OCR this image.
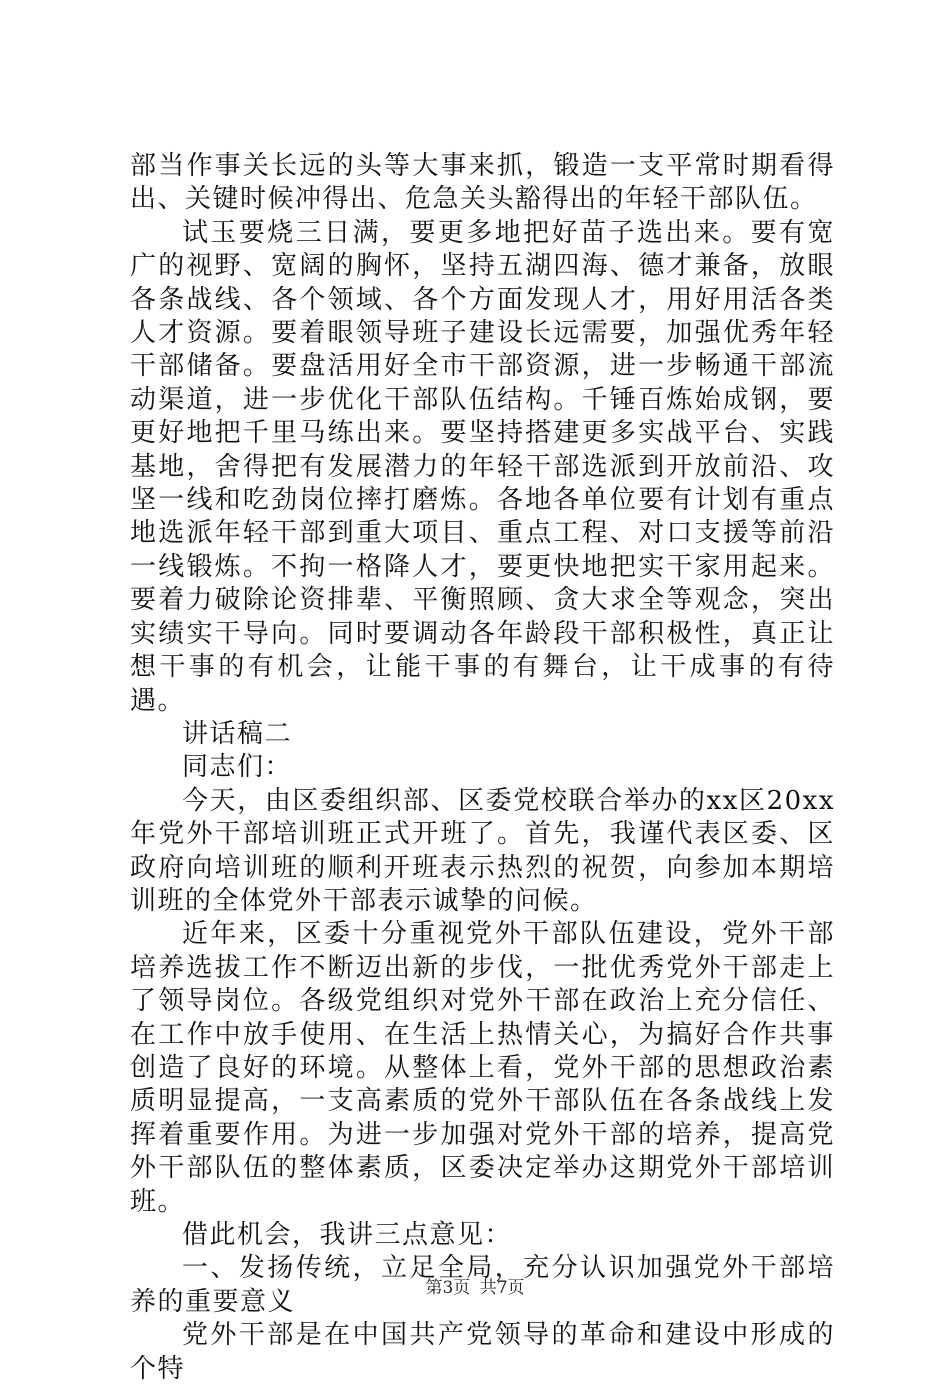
部当作事关长远的头等大事来抓，锻造一支平常时期看得出、关键时候冲得出、危急关头豁得出的年轻干部队伍。

试玉要烧三日满，要更多地把好苗子选出来。要有宽广的视野、宽阔的胸怀，坚持五湖四海、德才兼备，放眼各条战线、各个领域、各个方面发现人才，用好用活各类人才资源。要着眼领导班子建设长远需要，加强优秀年轻干部储备。要盘活用好全市干部资源，进一步畅通干部流动渠道，进一步优化干部队伍结构。千锤百炼始成钢，要更好地把千里马练出来。要坚持搭建更多实战平台、实践基地，舍得把有发展潜力的年轻干部选派到开放前沿、攻坚一线和吃劲岗位摔打磨炼。各地各单位要有计划有重点地选派年轻干部到重大项目、重点工程、对口支援等前沿一线锻炼。不拘一格降人才，要更快地把实干家用起来。要着力破除论资排辈、平衡照顾、贪大求全等观念，突出实绩实干导向。同时要调动各年龄段干部积极性，真正让想干事的有机会，让能干事的有舞台，让干成事的有待遇。

讲话稿二

同志们：

今天，由区委组织部、区委党校联合举办的xx区20xx年党外干部培训班正式开班了。首先，我谨代表区委、区政府向培训班的顺利开班表示热烈的祝贺，向参加本期培训班的全体党外干部表示诚挚的问候。

近年来，区委十分重视党外干部队伍建设，党外干部培养选拔工作不断迈出新的步伐，一批优秀党外干部走上了领导岗位。各级党组织对党外干部在政治上充分信任、在工作中放手使用、在生活上热情关心，为搞好合作共事创造了良好的环境。从整体上看，党外干部的思想政治素质明显提高，一支高素质的党外干部队伍在各条战线上发挥着重要作用。为进一步加强对党外干部的培养，提高党外干部队伍的整体素质，区委决定举办这期党外干部培训班。

借此机会，我讲三点意见：

一、发扬传统，立足全局，充分认识加强党外干部培养的重要意义

党外干部是在中国共产党领导的革命和建设中形成的个特

第3页 共7页
